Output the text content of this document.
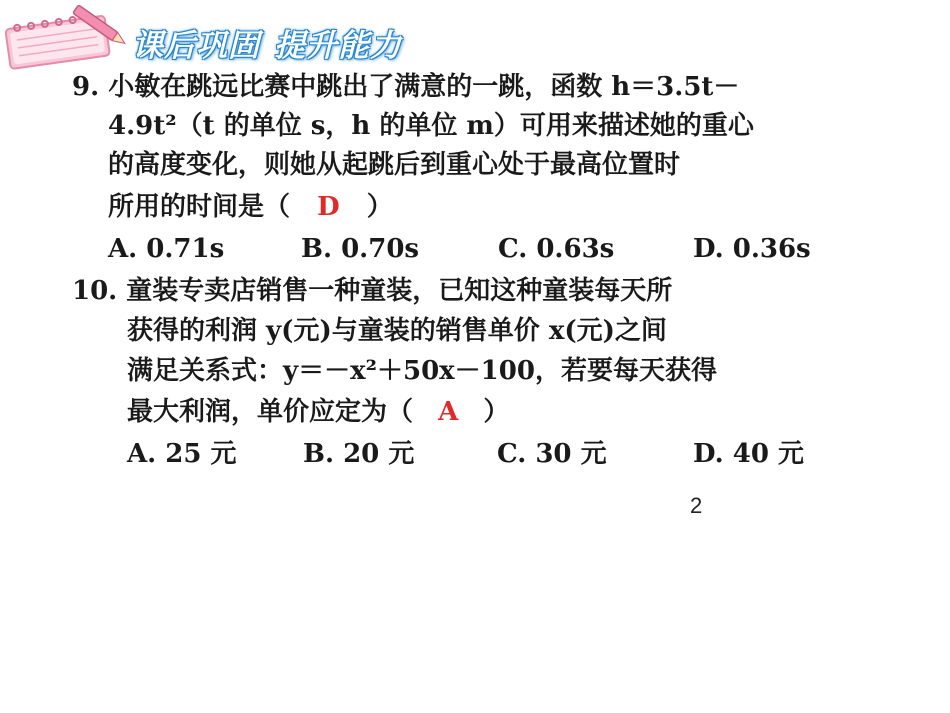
课后巩固 提升能力
9. 小敏在跳远比赛中跳出了满意的一跳，函数 h＝3.5t－
4.9t²（t 的单位 s，h 的单位 m）可用来描述她的重心
的高度变化，则她从起跳后到重心处于最高位置时
所用的时间是（ D ）
A. 0.71s	B. 0.70s	C. 0.63s	D. 0.36s
10. 童装专卖店销售一种童装，已知这种童装每天所
获得的利润 y(元)与童装的销售单价 x(元)之间
满足关系式：y＝－x²＋50x－100，若要每天获得
最大利润，单价应定为（ A ）
A. 25 元	B. 20 元	C. 30 元	D. 40 元
2
